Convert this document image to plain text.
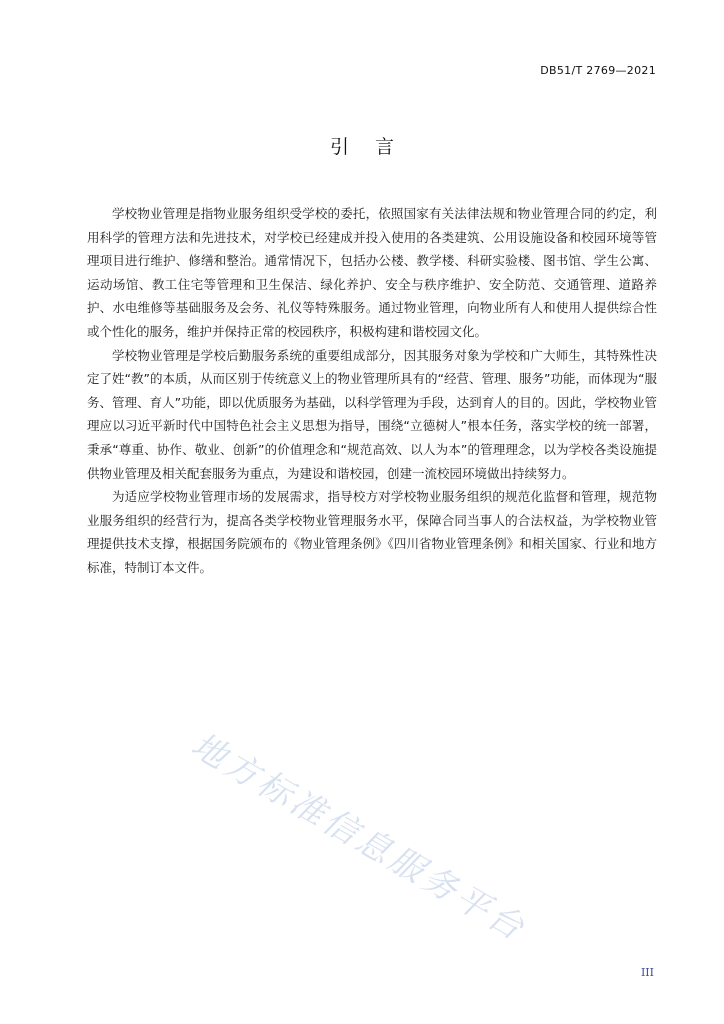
DB51/T 2769—2021
引言

学校物业管理是指物业服务组织受学校的委托，依照国家有关法律法规和物业管理合同的约定，利用科学的管理方法和先进技术，对学校已经建成并投入使用的各类建筑、公用设施设备和校园环境等管理项目进行维护、修缮和整治。通常情况下，包括办公楼、教学楼、科研实验楼、图书馆、学生公寓、运动场馆、教工住宅等管理和卫生保洁、绿化养护、安全与秩序维护、安全防范、交通管理、道路养护、水电维修等基础服务及会务、礼仪等特殊服务。通过物业管理，向物业所有人和使用人提供综合性或个性化的服务，维护并保持正常的校园秩序，积极构建和谐校园文化。

学校物业管理是学校后勤服务系统的重要组成部分，因其服务对象为学校和广大师生，其特殊性决定了姓“教”的本质，从而区别于传统意义上的物业管理所具有的“经营、管理、服务”功能，而体现为“服务、管理、育人”功能，即以优质服务为基础，以科学管理为手段，达到育人的目的。因此，学校物业管理应以习近平新时代中国特色社会主义思想为指导，围绕“立德树人”根本任务，落实学校的统一部署，秉承“尊重、协作、敬业、创新”的价值理念和“规范高效、以人为本”的管理理念，以为学校各类设施提供物业管理及相关配套服务为重点，为建设和谐校园，创建一流校园环境做出持续努力。

为适应学校物业管理市场的发展需求，指导校方对学校物业服务组织的规范化监督和管理，规范物业服务组织的经营行为，提高各类学校物业管理服务水平，保障合同当事人的合法权益，为学校物业管理提供技术支撑，根据国务院颁布的《物业管理条例》《四川省物业管理条例》和相关国家、行业和地方标准，特制订本文件。

地方标准信息服务平台
III
